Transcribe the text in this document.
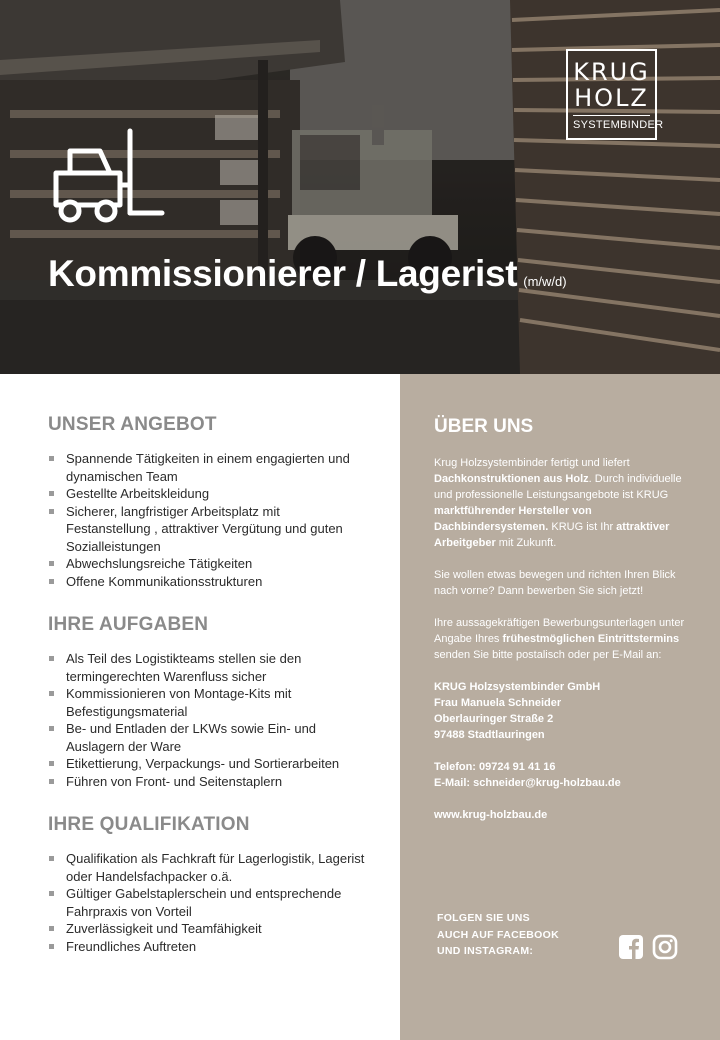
KRUG
HOLZ
SYSTEMBINDER
Kommissionierer / Lagerist (m/w/d)
UNSER ANGEBOT
Spannende Tätigkeiten in einem engagierten und dynamischen Team
Gestellte Arbeitskleidung
Sicherer, langfristiger Arbeitsplatz mit Festanstellung , attraktiver Vergütung und guten Sozialleistungen
Abwechslungsreiche Tätigkeiten
Offene Kommunikationsstrukturen
IHRE AUFGABEN
Als Teil des Logistikteams stellen sie den termingerechten Warenfluss sicher
Kommissionieren von Montage-Kits mit Befestigungsmaterial
Be- und Entladen der LKWs sowie Ein- und Auslagern der Ware
Etikettierung, Verpackungs- und Sortierarbeiten
Führen von Front- und Seitenstaplern
IHRE QUALIFIKATION
Qualifikation als Fachkraft für Lagerlogistik, Lagerist oder Handelsfachpacker o.ä.
Gültiger Gabelstaplerschein und entsprechende Fahrpraxis von Vorteil
Zuverlässigkeit und Teamfähigkeit
Freundliches Auftreten
ÜBER UNS

Krug Holzsystembinder fertigt und liefert Dachkonstruktionen aus Holz. Durch individuelle und professionelle Leistungsangebote ist KRUG marktführender Hersteller von Dachbindersystemen. KRUG ist Ihr attraktiver Arbeitgeber mit Zukunft.

Sie wollen etwas bewegen und richten Ihren Blick nach vorne? Dann bewerben Sie sich jetzt!

Ihre aussagekräftigen Bewerbungsunterlagen unter Angabe Ihres frühestmöglichen Eintrittstermins senden Sie bitte postalisch oder per E-Mail an:

KRUG Holzsystembinder GmbH
Frau Manuela Schneider
Oberlauringer Straße 2
97488 Stadtlauringen

Telefon: 09724 91 41 16
E-Mail: schneider@krug-holzbau.de

www.krug-holzbau.de

FOLGEN SIE UNS
AUCH AUF FACEBOOK
UND INSTAGRAM:
